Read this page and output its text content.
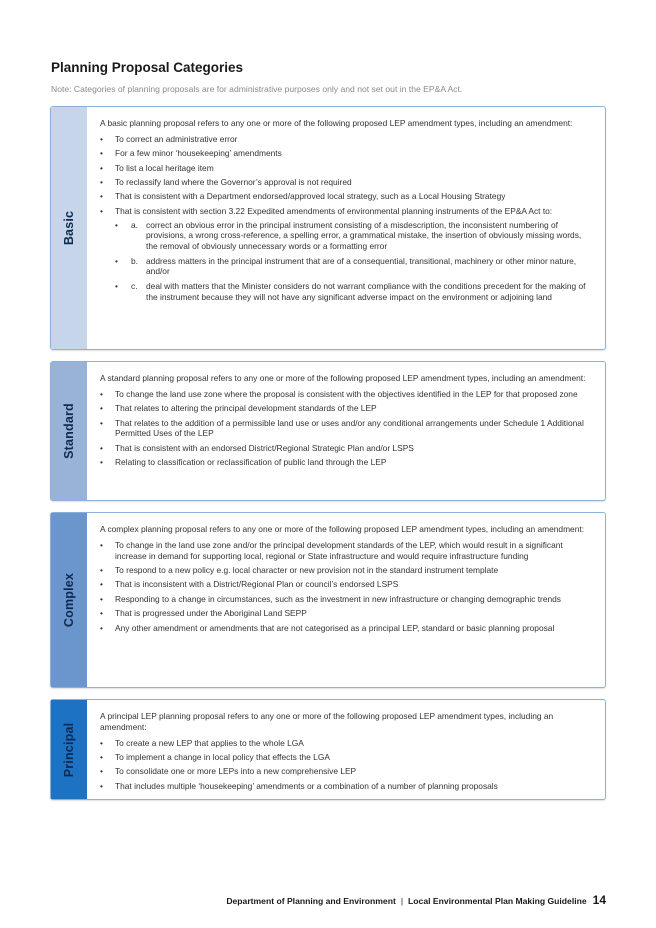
Planning Proposal Categories
Note: Categories of planning proposals are for administrative purposes only and not set out in the EP&A Act.
Basic

A basic planning proposal refers to any one or more of the following proposed LEP amendment types, including an amendment:

• To correct an administrative error
• For a few minor ‘housekeeping’ amendments
• To list a local heritage item
• To reclassify land where the Governor’s approval is not required
• That is consistent with a Department endorsed/approved local strategy, such as a Local Housing Strategy
• That is consistent with section 3.22 Expedited amendments of environmental planning instruments of the EP&A Act to:
• a. correct an obvious error in the principal instrument consisting of a misdescription, the inconsistent numbering of provisions, a wrong cross-reference, a spelling error, a grammatical mistake, the insertion of obviously missing words, the removal of obviously unnecessary words or a formatting error
• b. address matters in the principal instrument that are of a consequential, transitional, machinery or other minor nature, and/or
• c. deal with matters that the Minister considers do not warrant compliance with the conditions precedent for the making of the instrument because they will not have any significant adverse impact on the environment or adjoining land
Standard

A standard planning proposal refers to any one or more of the following proposed LEP amendment types, including an amendment:

• To change the land use zone where the proposal is consistent with the objectives identified in the LEP for that proposed zone
• That relates to altering the principal development standards of the LEP
• That relates to the addition of a permissible land use or uses and/or any conditional arrangements under Schedule 1 Additional Permitted Uses of the LEP
• That is consistent with an endorsed District/Regional Strategic Plan and/or LSPS
• Relating to classification or reclassification of public land through the LEP
Complex

A complex planning proposal refers to any one or more of the following proposed LEP amendment types, including an amendment:

• To change in the land use zone and/or the principal development standards of the LEP, which would result in a significant increase in demand for supporting local, regional or State infrastructure and would require infrastructure funding
• To respond to a new policy e.g. local character or new provision not in the standard instrument template
• That is inconsistent with a District/Regional Plan or council’s endorsed LSPS
• Responding to a change in circumstances, such as the investment in new infrastructure or changing demographic trends
• That is progressed under the Aboriginal Land SEPP
• Any other amendment or amendments that are not categorised as a principal LEP, standard or basic planning proposal
Principal

A principal LEP planning proposal refers to any one or more of the following proposed LEP amendment types, including an amendment:

• To create a new LEP that applies to the whole LGA
• To implement a change in local policy that effects the LGA
• To consolidate one or more LEPs into a new comprehensive LEP
• That includes multiple ‘housekeeping’ amendments or a combination of a number of planning proposals
Department of Planning and Environment | Local Environmental Plan Making Guideline 14
